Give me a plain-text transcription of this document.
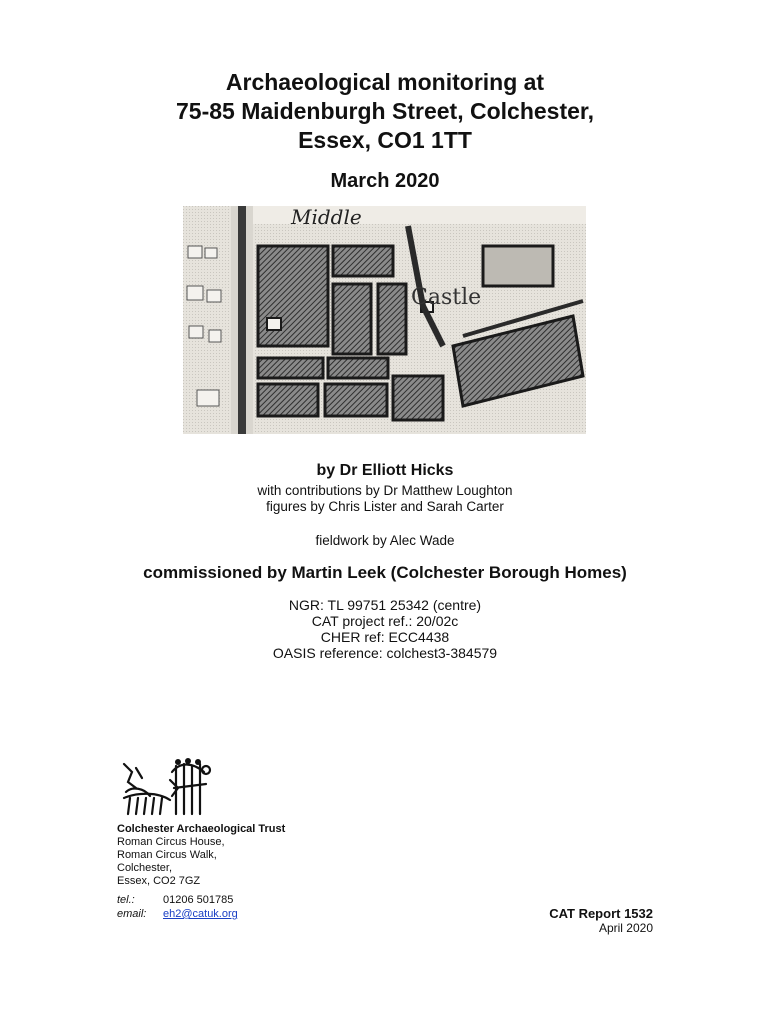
Archaeological monitoring at
75-85 Maidenburgh Street, Colchester,
Essex, CO1 1TT
March 2020
Middle
Castle
by Dr Elliott Hicks
with contributions by Dr Matthew Loughton
figures by Chris Lister and Sarah Carter
fieldwork by Alec Wade
commissioned by Martin Leek (Colchester Borough Homes)
NGR: TL 99751 25342 (centre)
CAT project ref.: 20/02c
CHER ref: ECC4438
OASIS reference: colchest3-384579
Colchester Archaeological Trust
Roman Circus House,
Roman Circus Walk,
Colchester,
Essex, CO2 7GZ
tel.:	01206 501785
email: eh2@catuk.org	CAT Report 1532
April 2020
